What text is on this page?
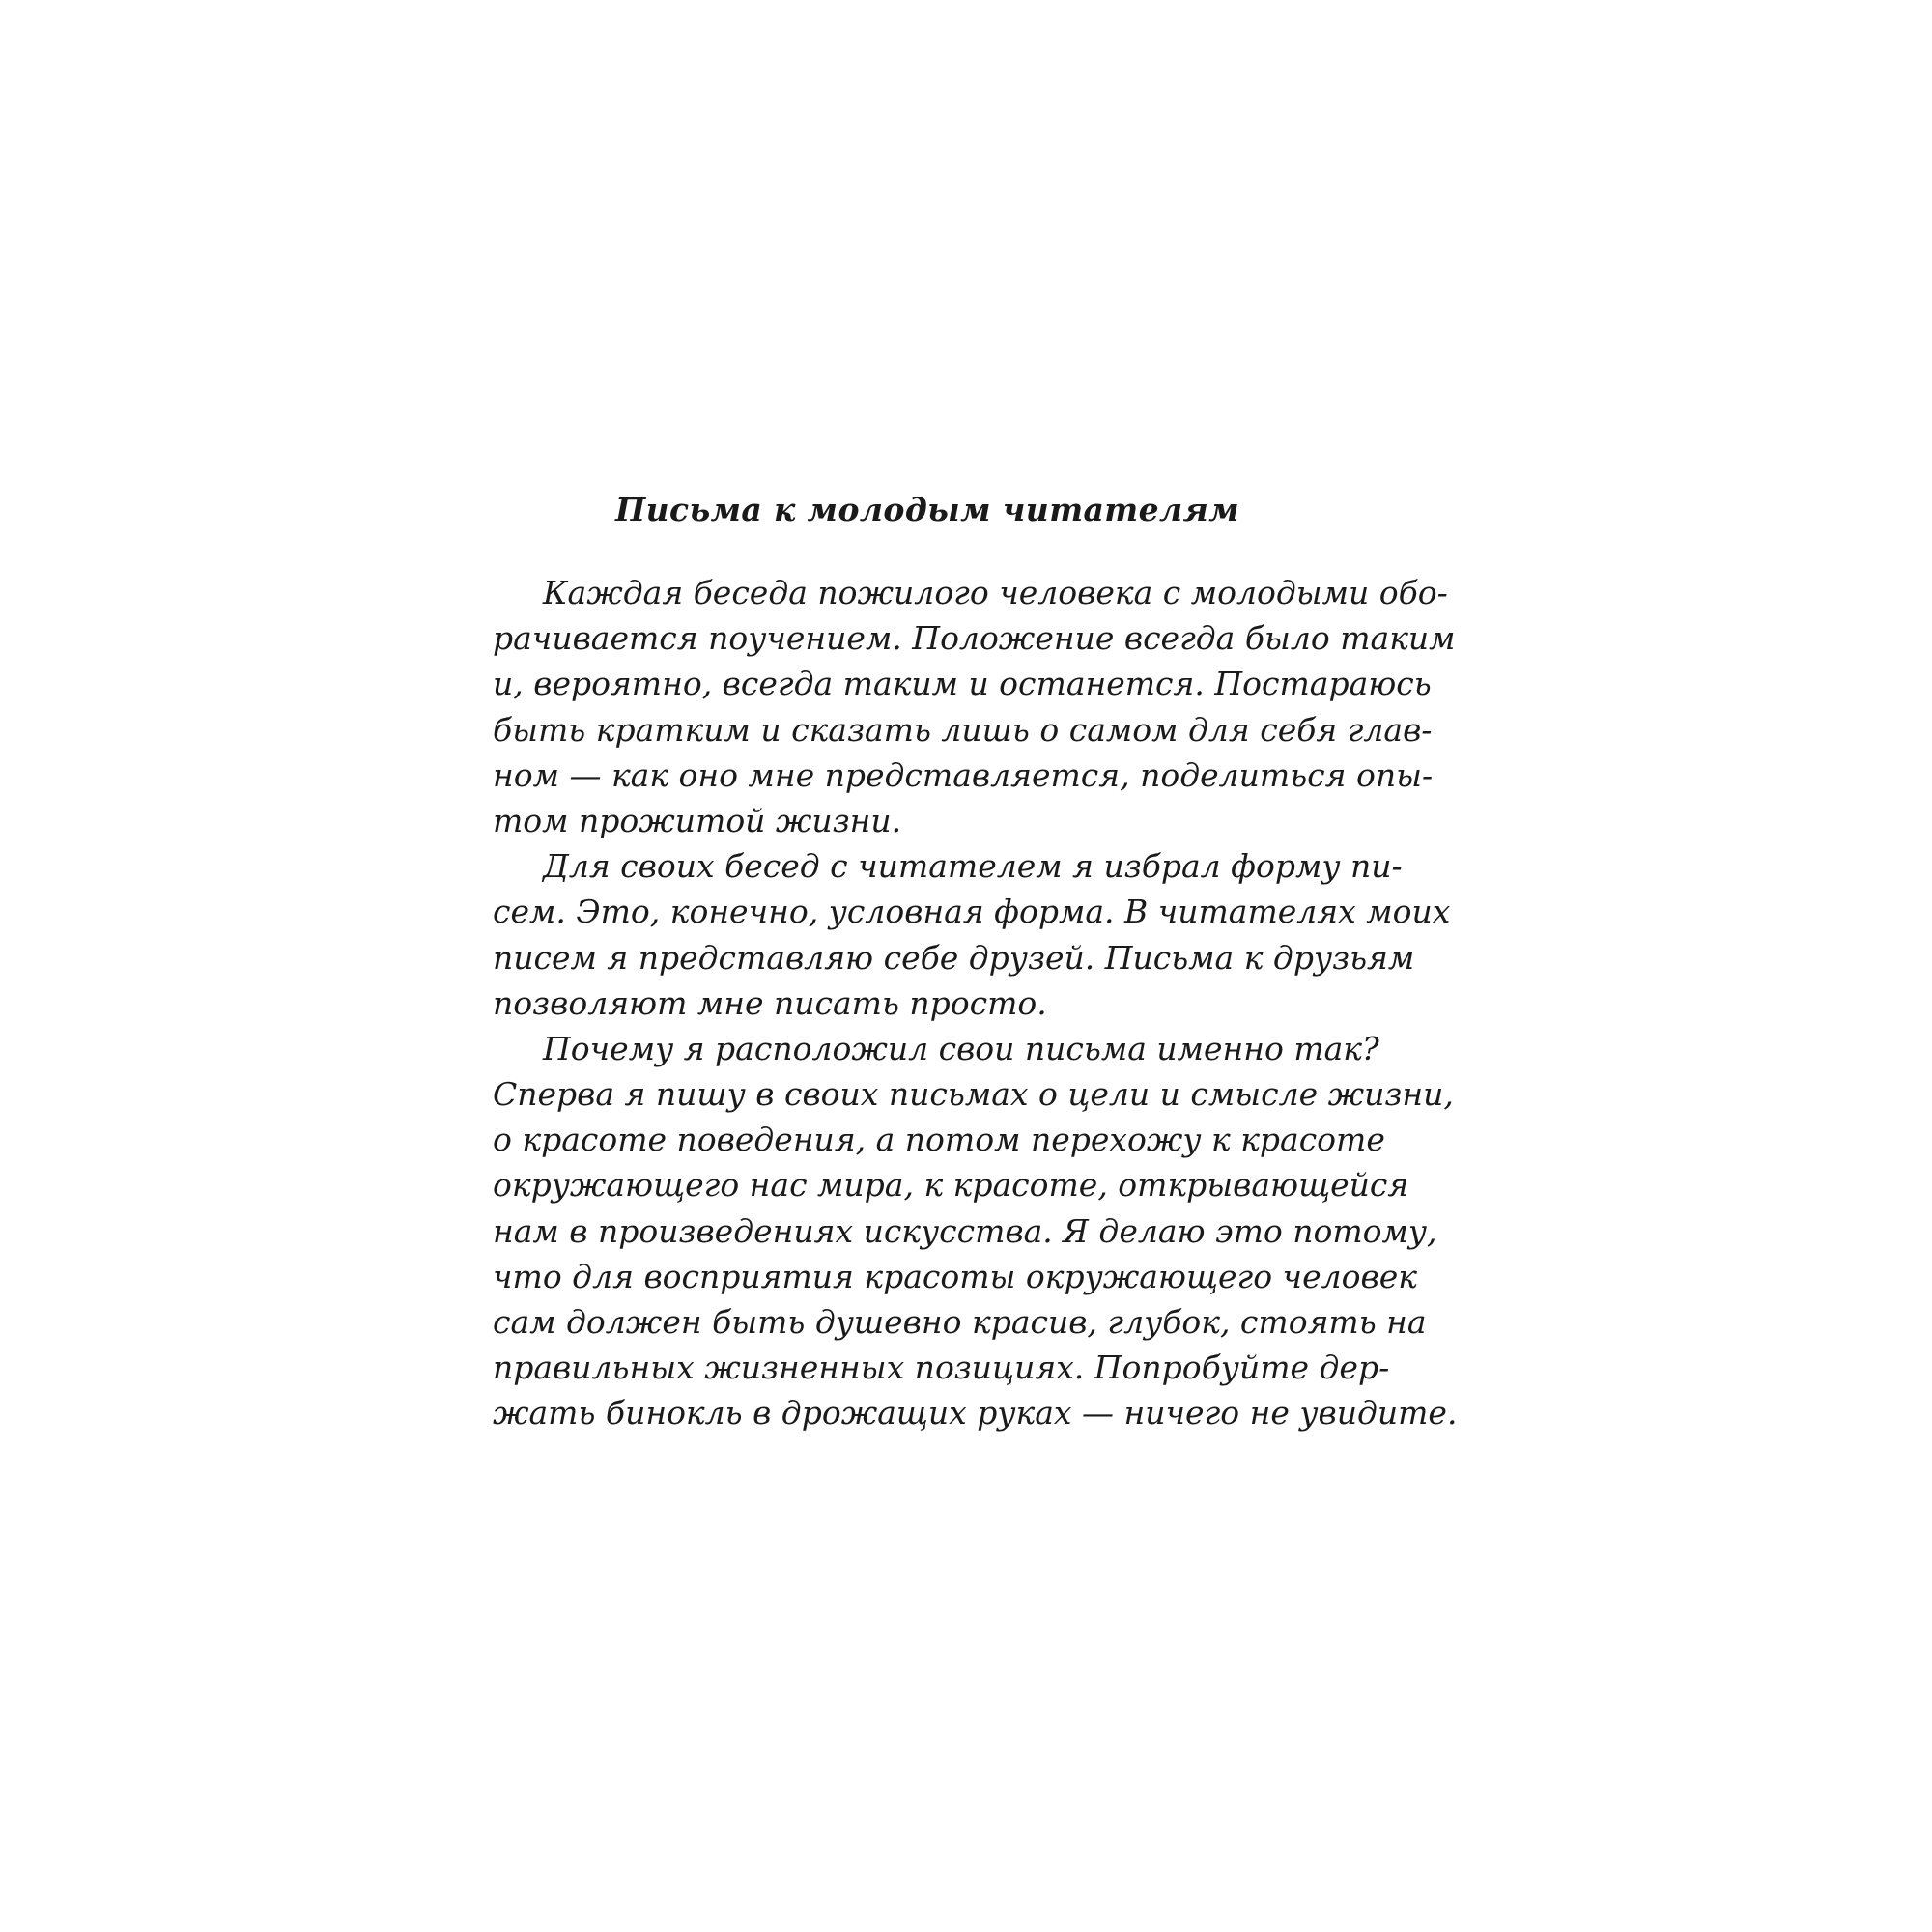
Письма к молодым читателям
Каждая беседа пожилого человека с молодыми обо-
рачивается поучением. Положение всегда было таким
и, вероятно, всегда таким и останется. Постараюсь
быть кратким и сказать лишь о самом для себя глав-
ном — как оно мне представляется, поделиться опы-
том прожитой жизни.
Для своих бесед с читателем я избрал форму пи-
сем. Это, конечно, условная форма. В читателях моих
писем я представляю себе друзей. Письма к друзьям
позволяют мне писать просто.
Почему я расположил свои письма именно так?
Сперва я пишу в своих письмах о цели и смысле жизни,
о красоте поведения, а потом перехожу к красоте
окружающего нас мира, к красоте, открывающейся
нам в произведениях искусства. Я делаю это потому,
что для восприятия красоты окружающего человек
сам должен быть душевно красив, глубок, стоять на
правильных жизненных позициях. Попробуйте дер-
жать бинокль в дрожащих руках — ничего не увидите.
